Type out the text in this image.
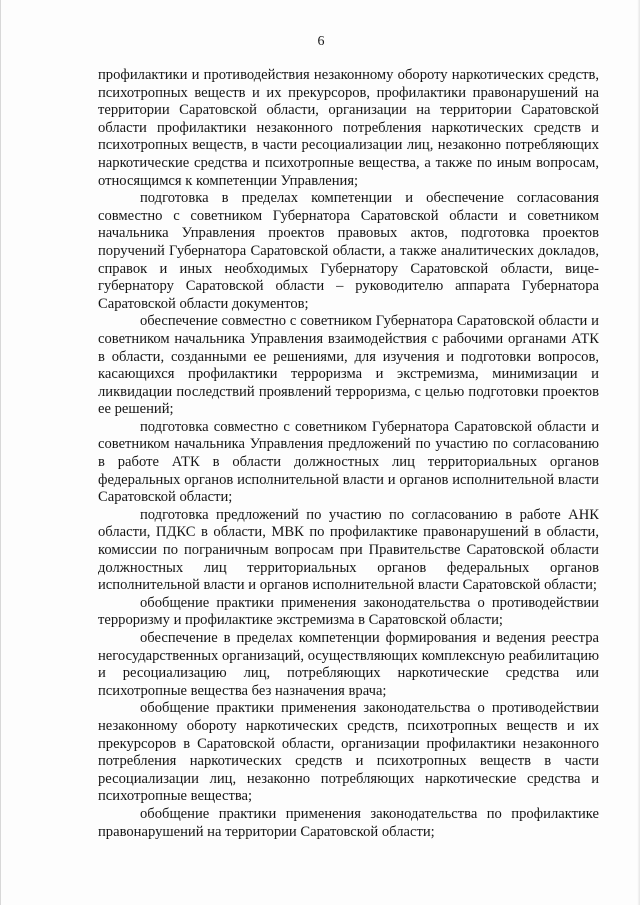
6

профилактики и противодействия незаконному обороту наркотических средств, психотропных веществ и их прекурсоров, профилактики правонарушений на территории Саратовской области, организации на территории Саратовской области профилактики незаконного потребления наркотических средств и психотропных веществ, в части ресоциализации лиц, незаконно потребляющих наркотические средства и психотропные вещества, а также по иным вопросам, относящимся к компетенции Управления;

подготовка в пределах компетенции и обеспечение согласования совместно с советником Губернатора Саратовской области и советником начальника Управления проектов правовых актов, подготовка проектов поручений Губернатора Саратовской области, а также аналитических докладов, справок и иных необходимых Губернатору Саратовской области, вице-губернатору Саратовской области – руководителю аппарата Губернатора Саратовской области документов;

обеспечение совместно с советником Губернатора Саратовской области и советником начальника Управления взаимодействия с рабочими органами АТК в области, созданными ее решениями, для изучения и подготовки вопросов, касающихся профилактики терроризма и экстремизма, минимизации и ликвидации последствий проявлений терроризма, с целью подготовки проектов ее решений;

подготовка совместно с советником Губернатора Саратовской области и советником начальника Управления предложений по участию по согласованию в работе АТК в области должностных лиц территориальных органов федеральных органов исполнительной власти и органов исполнительной власти Саратовской области;

подготовка предложений по участию по согласованию в работе АНК области, ПДКС в области, МВК по профилактике правонарушений в области, комиссии по пограничным вопросам при Правительстве Саратовской области должностных лиц территориальных органов федеральных органов исполнительной власти и органов исполнительной власти Саратовской области;

обобщение практики применения законодательства о противодействии терроризму и профилактике экстремизма в Саратовской области;

обеспечение в пределах компетенции формирования и ведения реестра негосударственных организаций, осуществляющих комплексную реабилитацию и ресоциализацию лиц, потребляющих наркотические средства или психотропные вещества без назначения врача;

обобщение практики применения законодательства о противодействии незаконному обороту наркотических средств, психотропных веществ и их прекурсоров в Саратовской области, организации профилактики незаконного потребления наркотических средств и психотропных веществ в части ресоциализации лиц, незаконно потребляющих наркотические средства и психотропные вещества;

обобщение практики применения законодательства по профилактике правонарушений на территории Саратовской области;
